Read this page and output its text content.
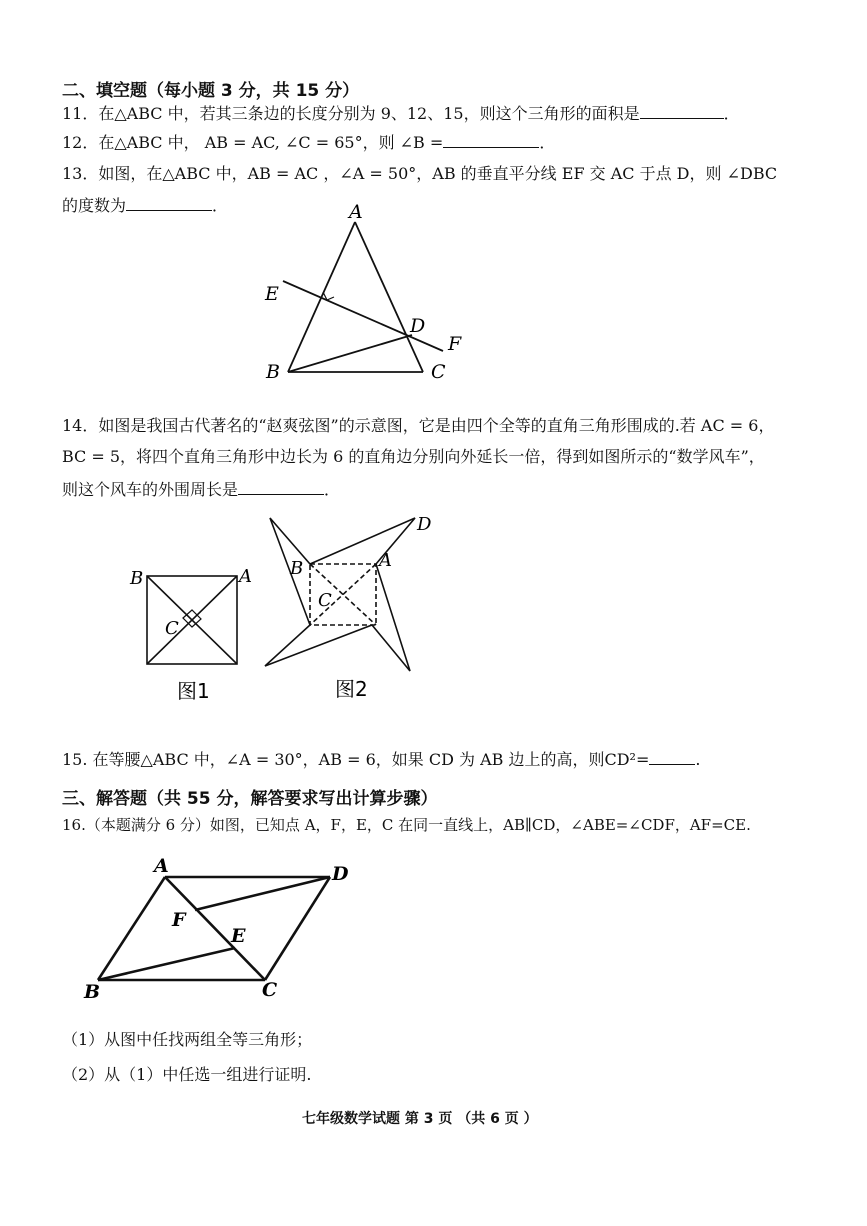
二、填空题（每小题 3 分，共 15 分）
11．在△ABC 中，若其三条边的长度分别为 9、12、15，则这个三角形的面积是	．
12．在△ABC 中， AB = AC, ∠C = 65°，则 ∠B =	．
13．如图，在△ABC 中，AB = AC ，∠A = 50°，AB 的垂直平分线 EF 交 AC 于点 D，则 ∠DBC
的度数为	．	A
E
D
F
B	C
14．如图是我国古代著名的“赵爽弦图”的示意图，它是由四个全等的直角三角形围成的.若 AC = 6，
BC = 5，将四个直角三角形中边长为 6 的直角边分别向外延长一倍，得到如图所示的“数学风车”，
则这个风车的外围周长是	．
B	A
C
图1
B	A
C
D
图2
15. 在等腰△ABC 中，∠A = 30°，AB = 6，如果 CD 为 AB 边上的高，则CD²=	.
三、解答题（共 55 分，解答要求写出计算步骤）
16.（本题满分 6 分）如图，已知点 A，F，E，C 在同一直线上，AB∥CD，∠ABE=∠CDF，AF=CE.
A	D
F
E
B	C
（1）从图中任找两组全等三角形；
（2）从（1）中任选一组进行证明.
七年级数学试题 第 3 页 （共 6 页 ）
